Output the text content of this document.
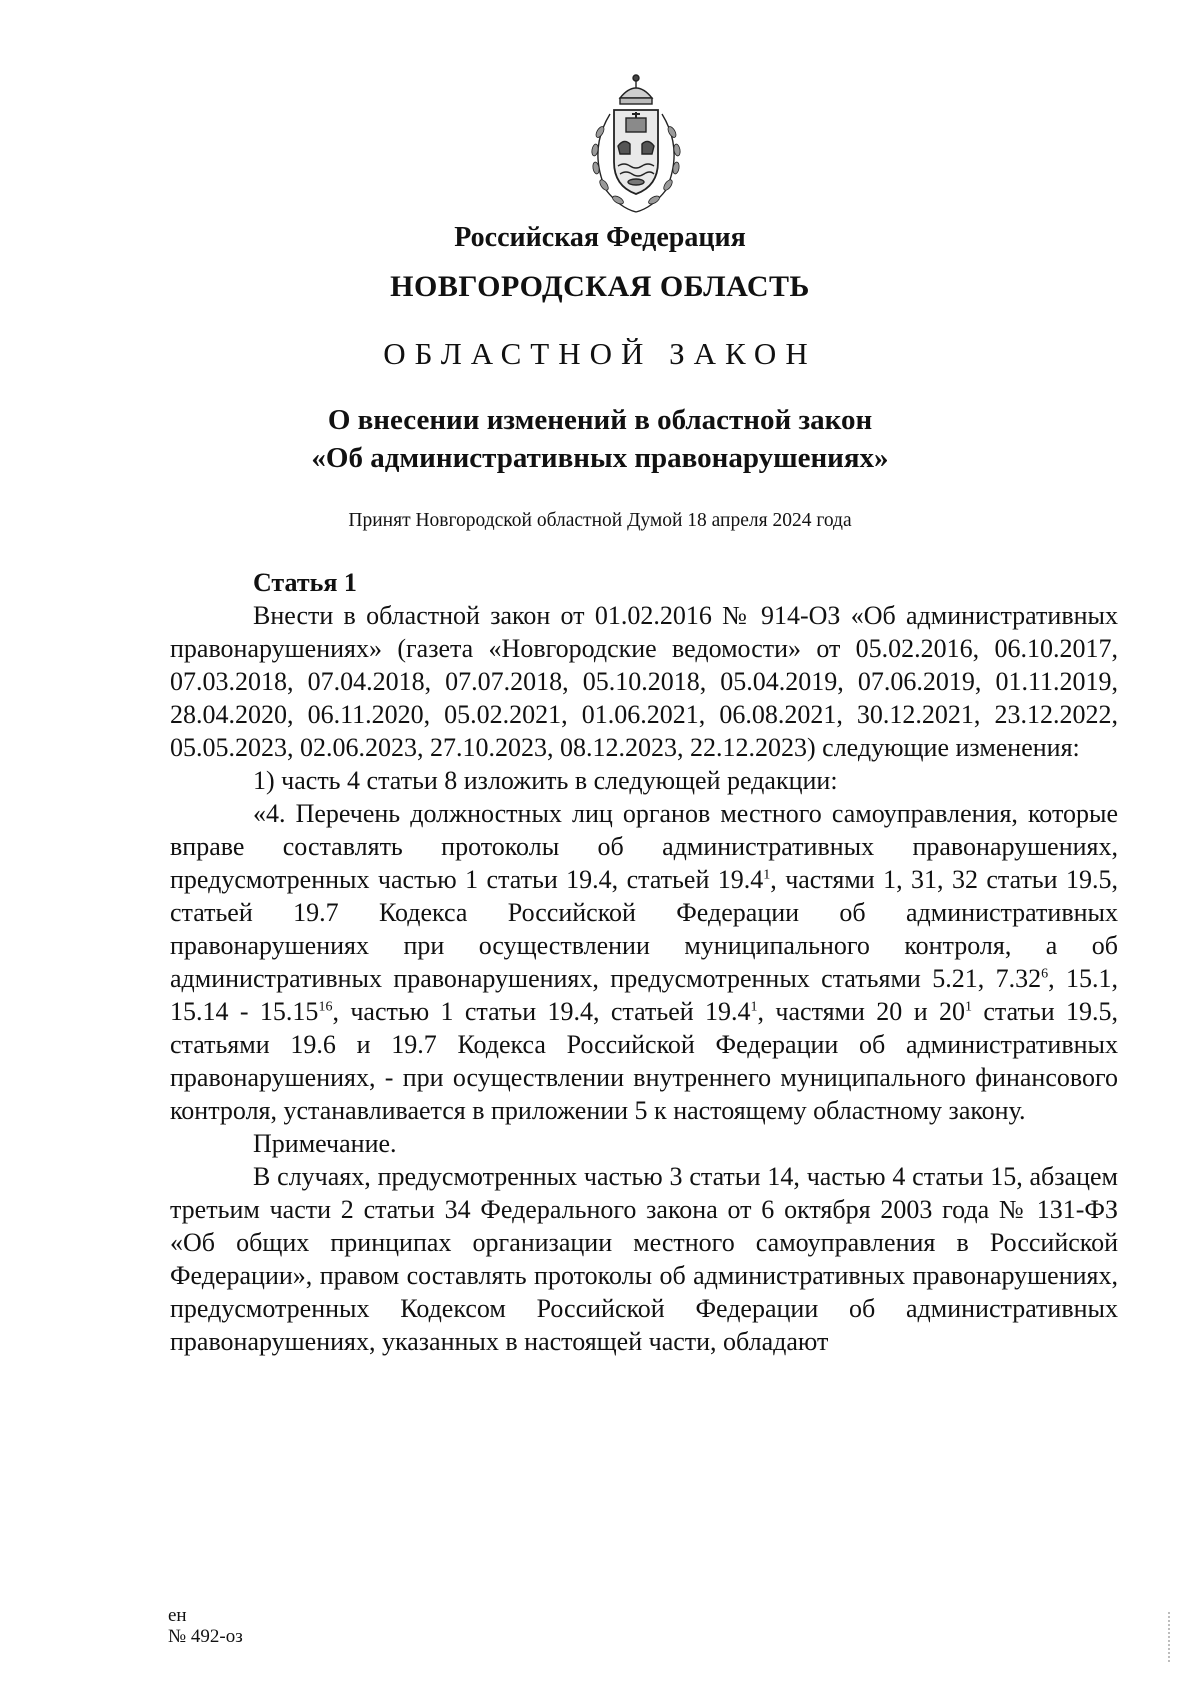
Российская Федерация
НОВГОРОДСКАЯ ОБЛАСТЬ
ОБЛАСТНОЙ ЗАКОН
О внесении изменений в областной закон
«Об административных правонарушениях»
Принят Новгородской областной Думой 18 апреля 2024 года

Статья 1

Внести в областной закон от 01.02.2016 № 914-ОЗ «Об административных правонарушениях» (газета «Новгородские ведомости» от 05.02.2016, 06.10.2017, 07.03.2018, 07.04.2018, 07.07.2018, 05.10.2018, 05.04.2019, 07.06.2019, 01.11.2019, 28.04.2020, 06.11.2020, 05.02.2021, 01.06.2021, 06.08.2021, 30.12.2021, 23.12.2022, 05.05.2023, 02.06.2023, 27.10.2023, 08.12.2023, 22.12.2023) следующие изменения:

1) часть 4 статьи 8 изложить в следующей редакции:

«4. Перечень должностных лиц органов местного самоуправления, которые вправе составлять протоколы об административных правонарушениях, предусмотренных частью 1 статьи 19.4, статьей 19.4$^1$, частями 1, 31, 32 статьи 19.5, статьей 19.7 Кодекса Российской Федерации об административных правонарушениях при осуществлении муниципального контроля, а об административных правонарушениях, предусмотренных статьями 5.21, 7.32$^6$, 15.1, 15.14 - 15.15$^{16}$, частью 1 статьи 19.4, статьей 19.4$^1$, частями 20 и $20^1$ статьи 19.5, статьями 19.6 и 19.7 Кодекса Российской Федерации об административных правонарушениях, - при осуществлении внутреннего муниципального финансового контроля, устанавливается в приложении 5 к настоящему областному закону.

Примечание.

В случаях, предусмотренных частью 3 статьи 14, частью 4 статьи 15, абзацем третьим части 2 статьи 34 Федерального закона от 6 октября 2003 года № 131-ФЗ «Об общих принципах организации местного самоуправления в Российской Федерации», правом составлять протоколы об административных правонарушениях, предусмотренных Кодексом Российской Федерации об административных правонарушениях, указанных в настоящей части, обладают

ен
№ 492-оз
